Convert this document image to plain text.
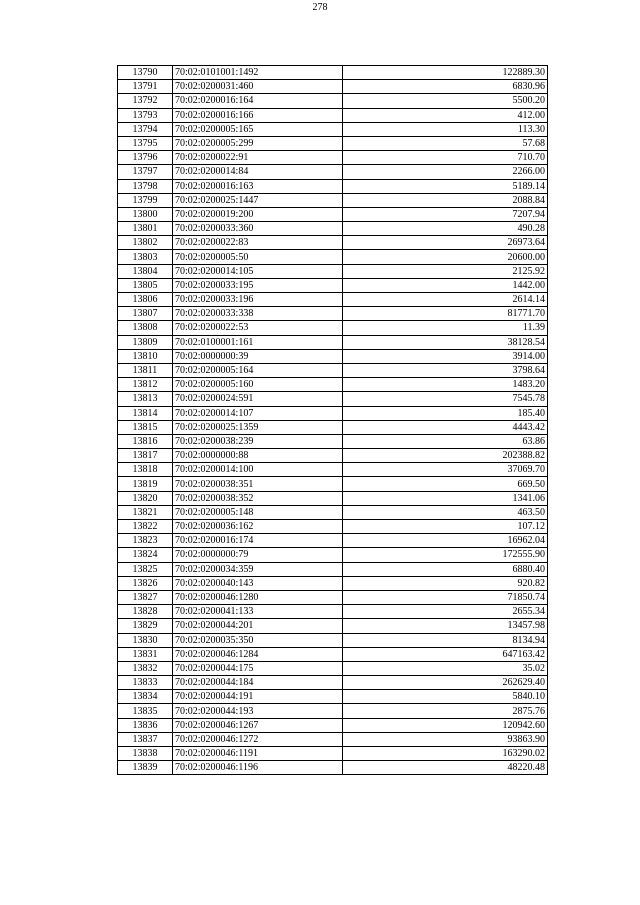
278
13790	70:02:0101001:1492	122889.30
13791	70:02:0200031:460	6830.96
13792	70:02:0200016:164	5500.20
13793	70:02:0200016:166	412.00
13794	70:02:0200005:165	113.30
13795	70:02:0200005:299	57.68
13796	70:02:0200022:91	710.70
13797	70:02:0200014:84	2266.00
13798	70:02:0200016:163	5189.14
13799	70:02:0200025:1447	2088.84
13800	70:02:0200019:200	7207.94
13801	70:02:0200033:360	490.28
13802	70:02:0200022:83	26973.64
13803	70:02:0200005:50	20600.00
13804	70:02:0200014:105	2125.92
13805	70:02:0200033:195	1442.00
13806	70:02:0200033:196	2614.14
13807	70:02:0200033:338	81771.70
13808	70:02:0200022:53	11.39
13809	70:02:0100001:161	38128.54
13810	70:02:0000000:39	3914.00
13811	70:02:0200005:164	3798.64
13812	70:02:0200005:160	1483.20
13813	70:02:0200024:591	7545.78
13814	70:02:0200014:107	185.40
13815	70:02:0200025:1359	4443.42
13816	70:02:0200038:239	63.86
13817	70:02:0000000:88	202388.82
13818	70:02:0200014:100	37069.70
13819	70:02:0200038:351	669.50
13820	70:02:0200038:352	1341.06
13821	70:02:0200005:148	463.50
13822	70:02:0200036:162	107.12
13823	70:02:0200016:174	16962.04
13824	70:02:0000000:79	172555.90
13825	70:02:0200034:359	6880.40
13826	70:02:0200040:143	920.82
13827	70:02:0200046:1280	71850.74
13828	70:02:0200041:133	2655.34
13829	70:02:0200044:201	13457.98
13830	70:02:0200035:350	8134.94
13831	70:02:0200046:1284	647163.42
13832	70:02:0200044:175	35.02
13833	70:02:0200044:184	262629.40
13834	70:02:0200044:191	5840.10
13835	70:02:0200044:193	2875.76
13836	70:02:0200046:1267	120942.60
13837	70:02:0200046:1272	93863.90
13838	70:02:0200046:1191	163290.02
13839	70:02:0200046:1196	48220.48
